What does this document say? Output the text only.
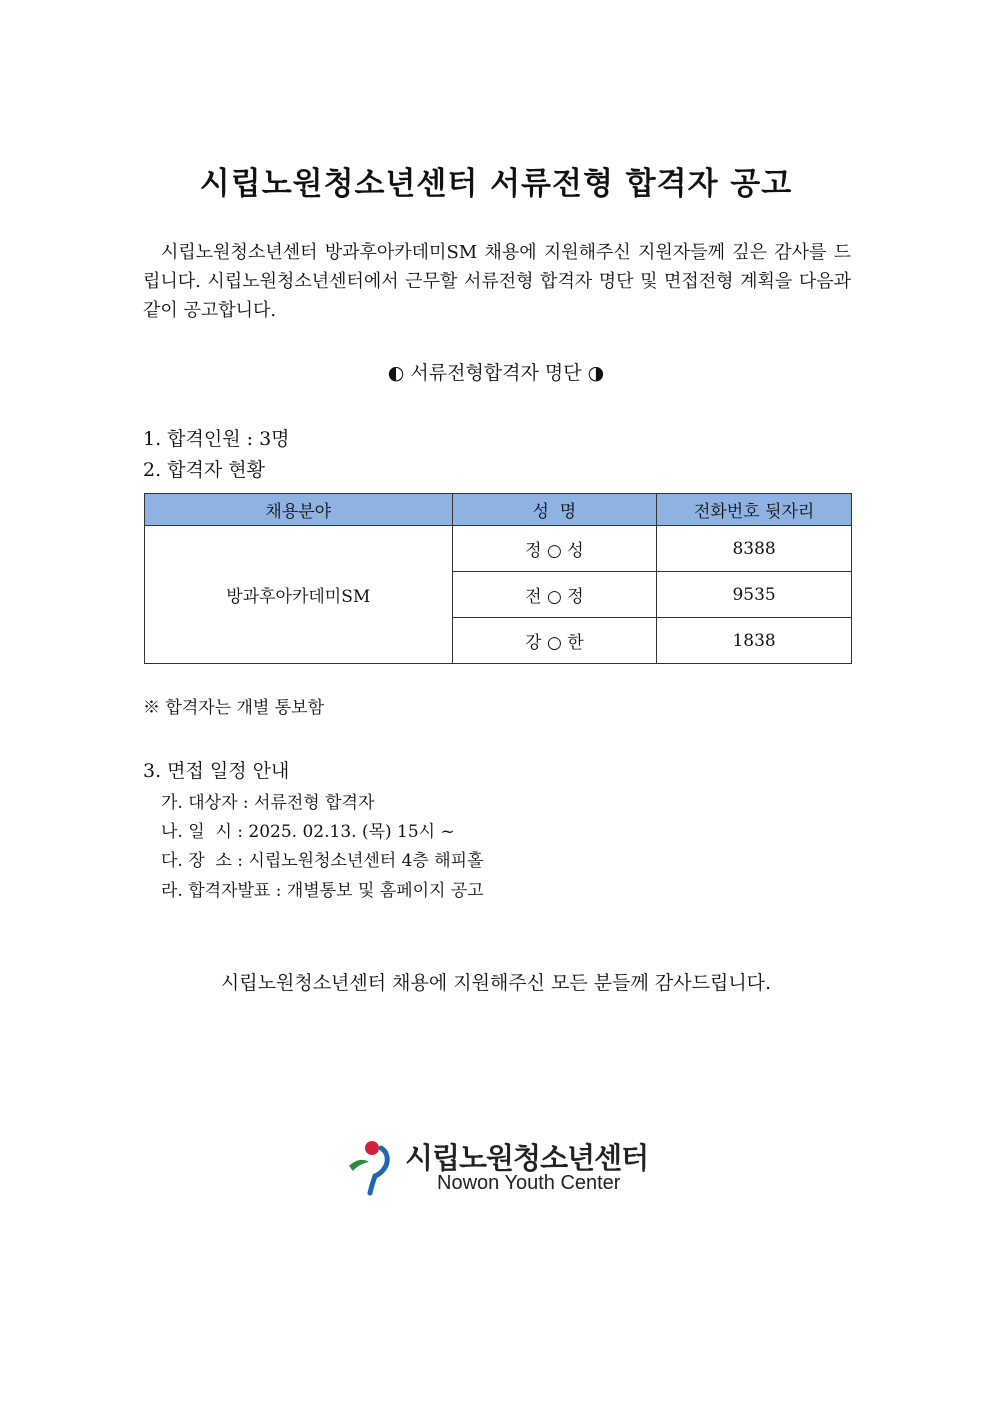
시립노원청소년센터 서류전형 합격자 공고
시립노원청소년센터 방과후아카데미SM 채용에 지원해주신 지원자들께 깊은 감사를 드립니다. 시립노원청소년센터에서 근무할 서류전형 합격자 명단 및 면접전형 계획을 다음과 같이 공고합니다.
◐ 서류전형합격자 명단 ◑
1. 합격인원 : 3명
2. 합격자 현황
채용분야	성  명	전화번호 뒷자리
방과후아카데미SM	정 ○ 성	8388
	전 ○ 정	9535
	강 ○ 한	1838
※ 합격자는 개별 통보함
3. 면접 일정 안내
가. 대상자 : 서류전형 합격자
나. 일  시 : 2025. 02.13. (목) 15시 ~
다. 장  소 : 시립노원청소년센터 4층 해피홀
라. 합격자발표 : 개별통보 및 홈페이지 공고
시립노원청소년센터 채용에 지원해주신 모든 분들께 감사드립니다.
시립노원청소년센터
Nowon Youth Center
